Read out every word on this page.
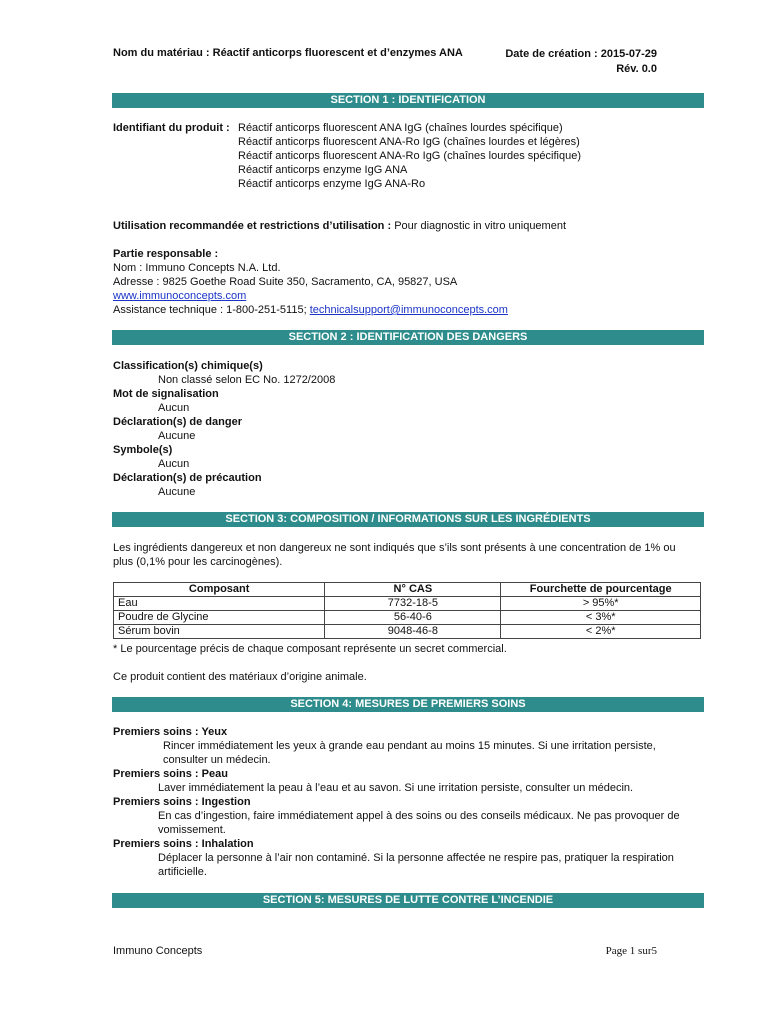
Nom du matériau : Réactif anticorps fluorescent et d’enzymes ANA	Date de création : 2015-07-29
Rév. 0.0
SECTION 1 : IDENTIFICATION
Identifiant du produit : Réactif anticorps fluorescent ANA IgG (chaînes lourdes spécifique)
Réactif anticorps fluorescent ANA-Ro IgG (chaînes lourdes et légères)
Réactif anticorps fluorescent ANA-Ro IgG (chaînes lourdes spécifique)
Réactif anticorps enzyme IgG ANA
Réactif anticorps enzyme IgG ANA-Ro
Utilisation recommandée et restrictions d’utilisation : Pour diagnostic in vitro uniquement
Partie responsable :
Nom : Immuno Concepts N.A. Ltd.
Adresse : 9825 Goethe Road Suite 350, Sacramento, CA, 95827, USA
www.immunoconcepts.com
Assistance technique : 1-800-251-5115; technicalsupport@immunoconcepts.com
SECTION 2 : IDENTIFICATION DES DANGERS
Classification(s) chimique(s)
Non classé selon EC No. 1272/2008
Mot de signalisation
Aucun
Déclaration(s) de danger
Aucune
Symbole(s)
Aucun
Déclaration(s) de précaution
Aucune
SECTION 3: COMPOSITION / INFORMATIONS SUR LES INGRÉDIENTS
Les ingrédients dangereux et non dangereux ne sont indiqués que s’ils sont présents à une concentration de 1% ou
plus (0,1% pour les carcinogènes).
Composant	N° CAS	Fourchette de pourcentage
Eau	7732-18-5	> 95%*
Poudre de Glycine	56-40-6	< 3%*
Sérum bovin	9048-46-8	< 2%*
* Le pourcentage précis de chaque composant représente un secret commercial.
Ce produit contient des matériaux d’origine animale.
SECTION 4: MESURES DE PREMIERS SOINS
Premiers soins : Yeux
Rincer immédiatement les yeux à grande eau pendant au moins 15 minutes. Si une irritation persiste,
consulter un médecin.
Premiers soins : Peau
Laver immédiatement la peau à l’eau et au savon. Si une irritation persiste, consulter un médecin.
Premiers soins : Ingestion
En cas d’ingestion, faire immédiatement appel à des soins ou des conseils médicaux. Ne pas provoquer de
vomissement.
Premiers soins : Inhalation
Déplacer la personne à l’air non contaminé. Si la personne affectée ne respire pas, pratiquer la respiration
artificielle.
SECTION 5: MESURES DE LUTTE CONTRE L’INCENDIE
Immuno Concepts	Page 1 sur5
